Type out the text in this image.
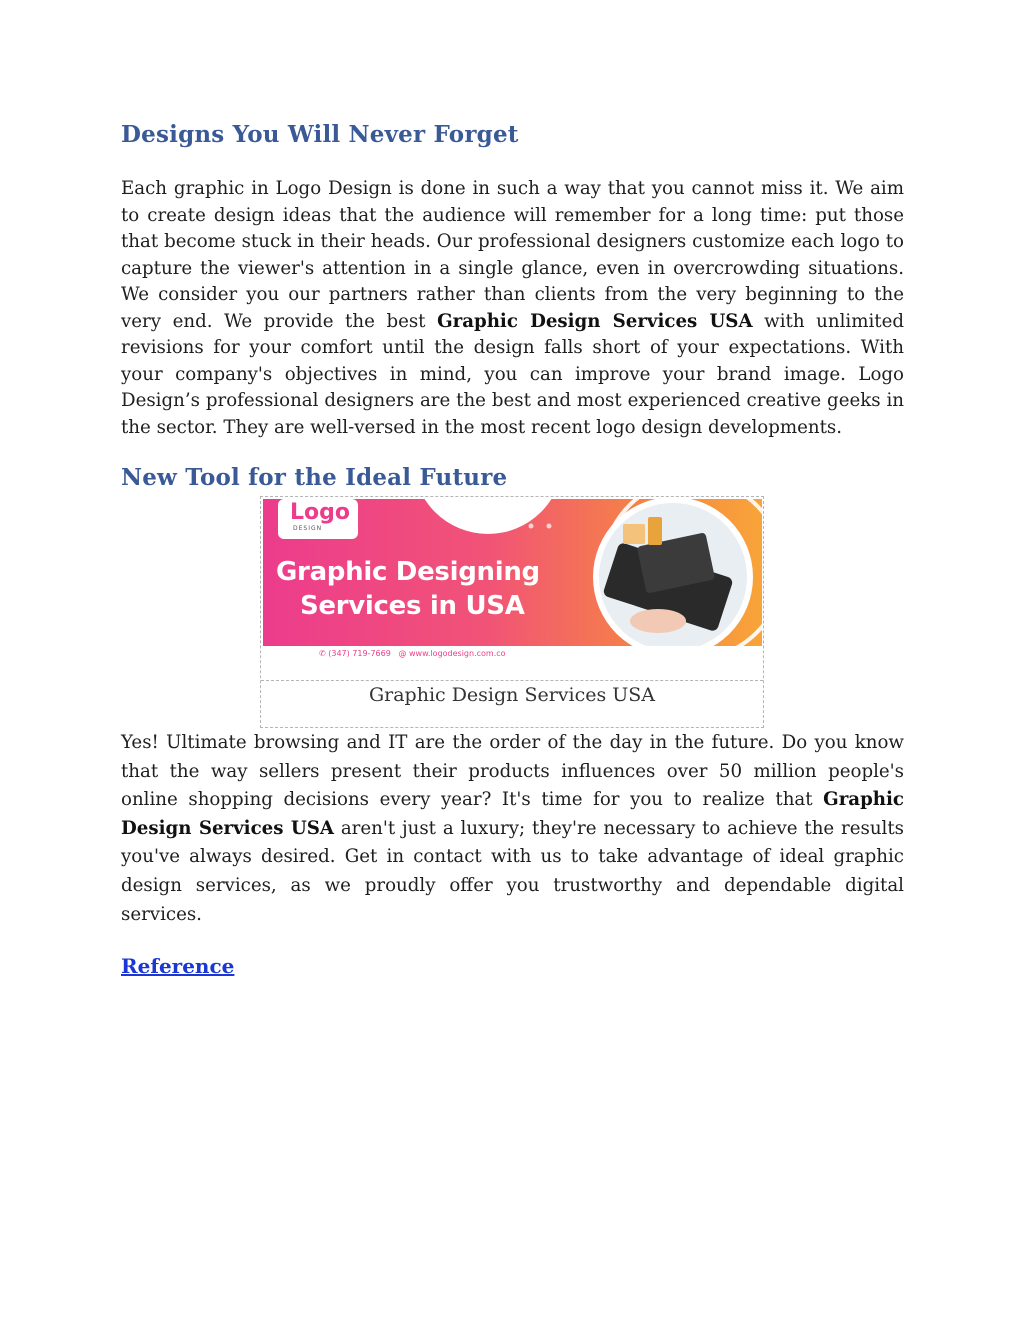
Designs You Will Never Forget

Each graphic in Logo Design is done in such a way that you cannot miss it. We aim to create design ideas that the audience will remember for a long time: put those that become stuck in their heads. Our professional designers customize each logo to capture the viewer's attention in a single glance, even in overcrowding situations. We consider you our partners rather than clients from the very beginning to the very end. We provide the best Graphic Design Services USA with unlimited revisions for your comfort until the design falls short of your expectations. With your company's objectives in mind, you can improve your brand image. Logo Design’s professional designers are the best and most experienced creative geeks in the sector. They are well-versed in the most recent logo design developments.

New Tool for the Ideal Future
Logo
DESIGN
Graphic Designing
Services in USA
✆ (347) 719-7669 @ www.logodesign.com.co
Graphic Design Services USA

Yes! Ultimate browsing and IT are the order of the day in the future. Do you know that the way sellers present their products influences over 50 million people's online shopping decisions every year? It's time for you to realize that Graphic Design Services USA aren't just a luxury; they're necessary to achieve the results you've always desired. Get in contact with us to take advantage of ideal graphic design services, as we proudly offer you trustworthy and dependable digital services.

Reference
